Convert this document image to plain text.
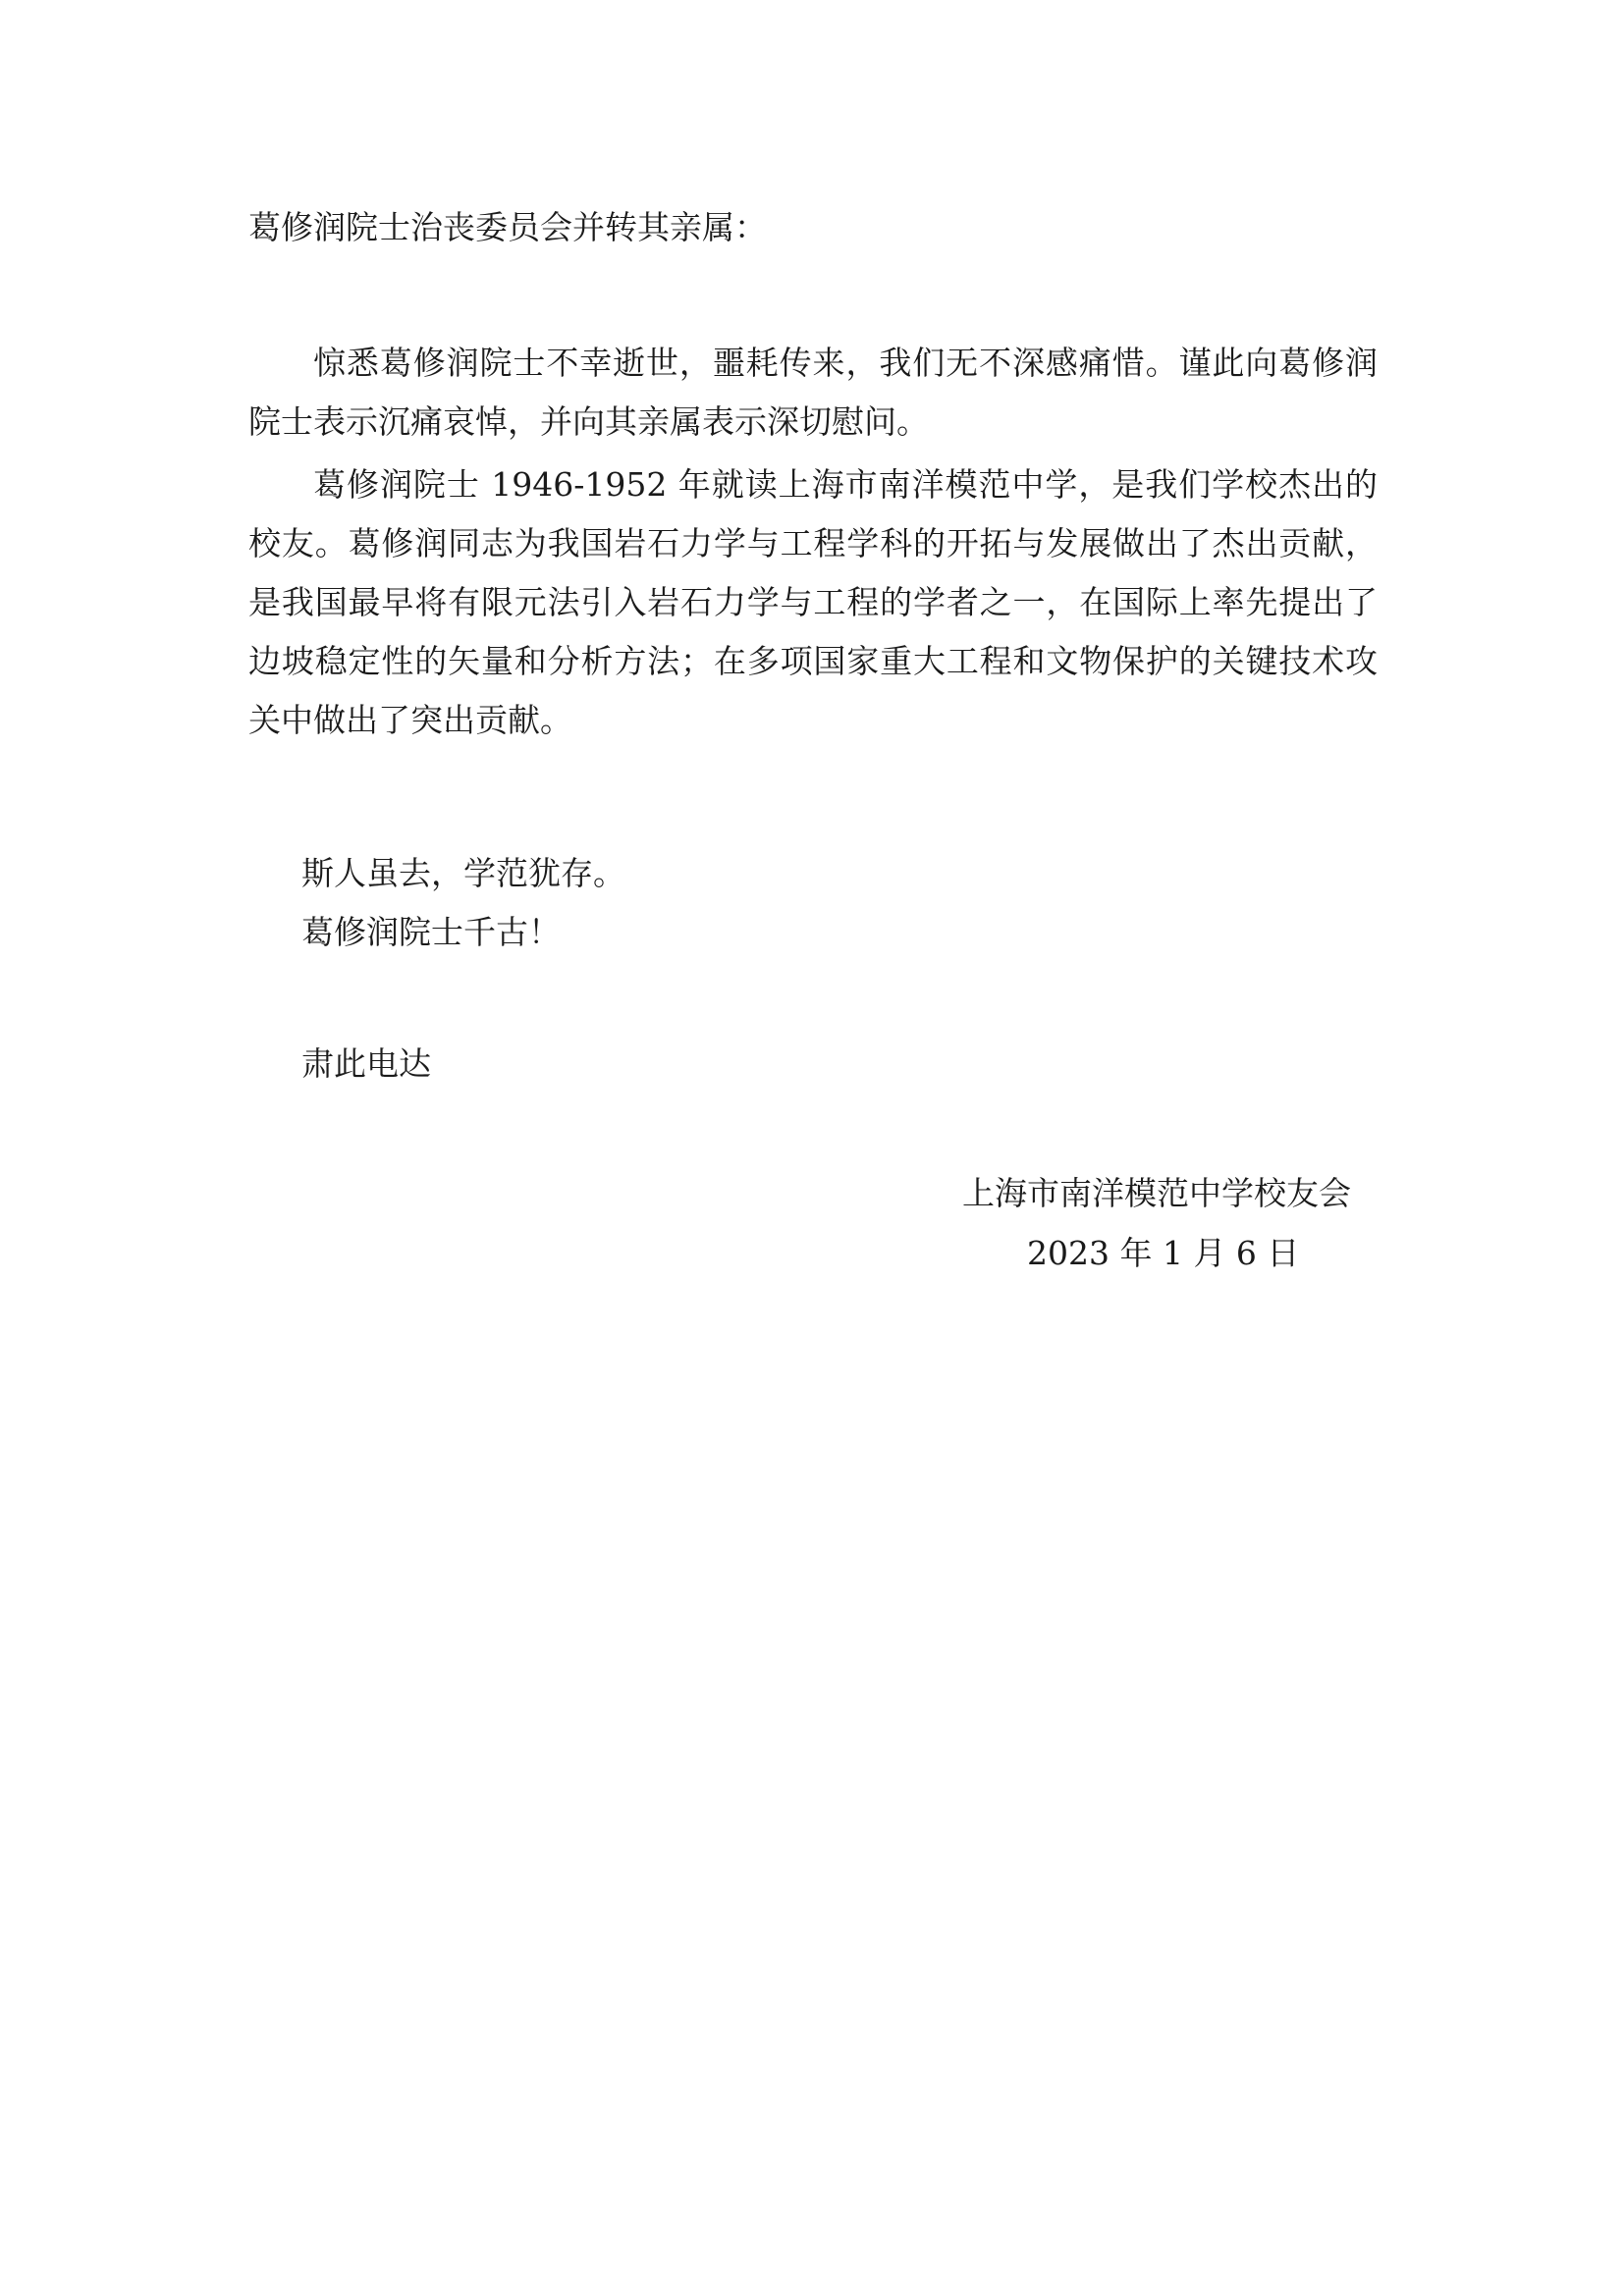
葛修润院士治丧委员会并转其亲属：
惊悉葛修润院士不幸逝世，噩耗传来，我们无不深感痛惜。谨此向葛修润院士表示沉痛哀悼，并向其亲属表示深切慰问。
葛修润院士 1946-1952 年就读上海市南洋模范中学，是我们学校杰出的校友。葛修润同志为我国岩石力学与工程学科的开拓与发展做出了杰出贡献，是我国最早将有限元法引入岩石力学与工程的学者之一，在国际上率先提出了边坡稳定性的矢量和分析方法；在多项国家重大工程和文物保护的关键技术攻关中做出了突出贡献。
斯人虽去，学范犹存。
葛修润院士千古！
肃此电达
上海市南洋模范中学校友会
2023 年 1 月 6 日
